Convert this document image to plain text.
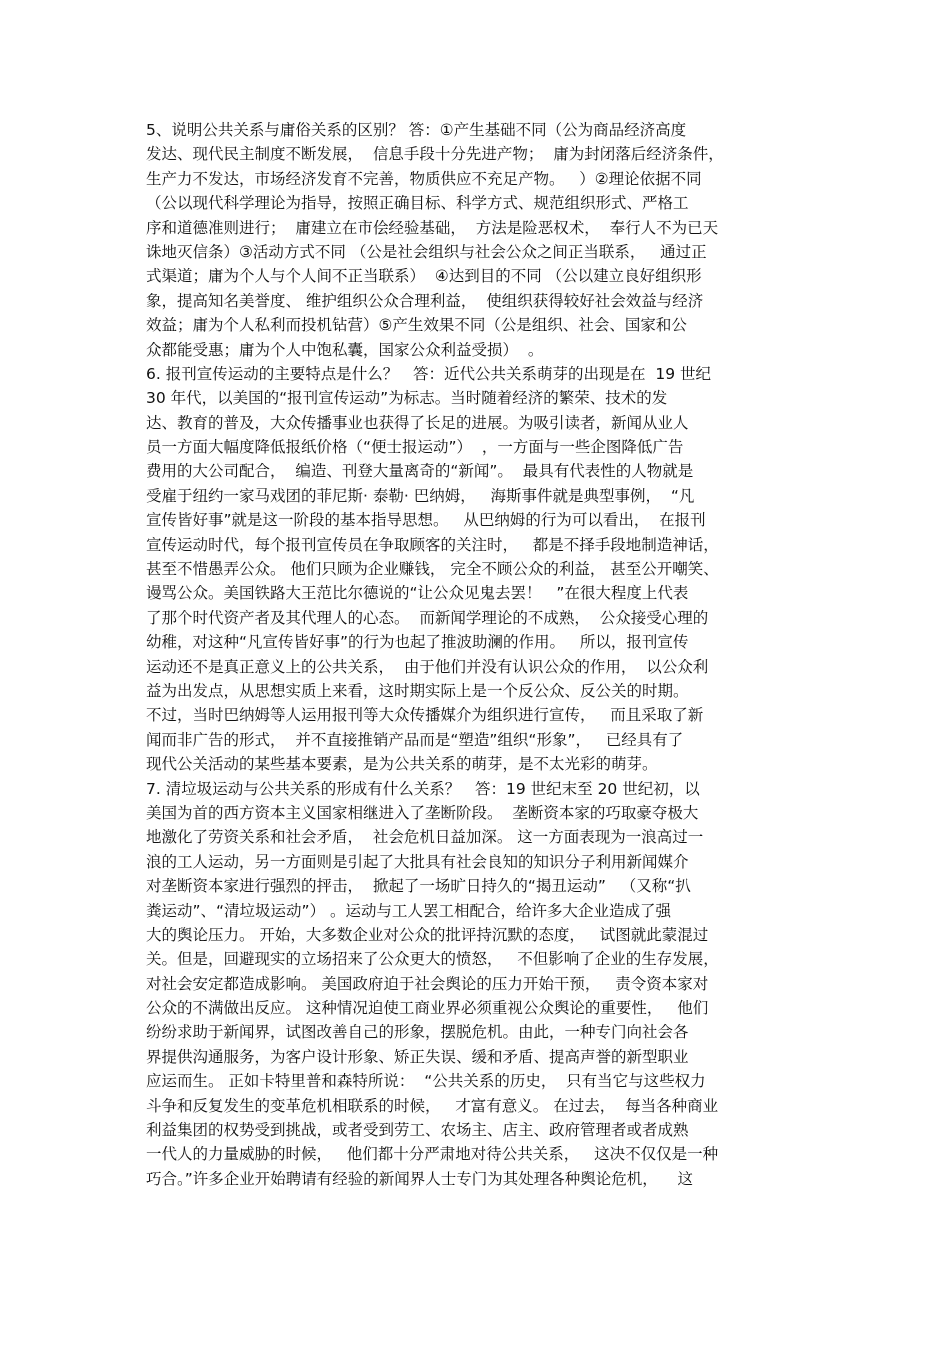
5、说明公共关系与庸俗关系的区别？ 答：①产生基础不同（公为商品经济高度
发达、现代民主制度不断发展，  信息手段十分先进产物；  庸为封闭落后经济条件，
生产力不发达，市场经济发育不完善，物质供应不充足产物。   ）②理论依据不同
（公以现代科学理论为指导，按照正确目标、科学方式、规范组织形式、严格工
序和道德准则进行；  庸建立在市侩经验基础，  方法是险恶权术，  奉行人不为已天
诛地灭信条）③活动方式不同 （公是社会组织与社会公众之间正当联系，   通过正
式渠道；庸为个人与个人间不正当联系）  ④达到目的不同 （公以建立良好组织形
象，提高知名美誉度、 维护组织公众合理利益，  使组织获得较好社会效益与经济
效益；庸为个人私利而投机钻营）⑤产生效果不同（公是组织、社会、国家和公
众都能受惠；庸为个人中饱私囊，国家公众利益受损）  。
6. 报刊宣传运动的主要特点是什么？   答：近代公共关系萌芽的出现是在  19 世纪
30 年代，以美国的“报刊宣传运动”为标志。当时随着经济的繁荣、技术的发
达、教育的普及，大众传播事业也获得了长足的进展。为吸引读者，新闻从业人
员一方面大幅度降低报纸价格（“便士报运动”）  ，一方面与一些企图降低广告
费用的大公司配合，  编造、刊登大量离奇的“新闻”。  最具有代表性的人物就是
受雇于纽约一家马戏团的菲尼斯· 泰勒· 巴纳姆，   海斯事件就是典型事例，  “凡
宣传皆好事”就是这一阶段的基本指导思想。   从巴纳姆的行为可以看出，  在报刊
宣传运动时代，每个报刊宣传员在争取顾客的关注时，   都是不择手段地制造神话，
甚至不惜愚弄公众。 他们只顾为企业赚钱， 完全不顾公众的利益， 甚至公开嘲笑、
谩骂公众。美国铁路大王范比尔德说的“让公众见鬼去罢！   ”在很大程度上代表
了那个时代资产者及其代理人的心态。  而新闻学理论的不成熟，  公众接受心理的
幼稚，对这种“凡宣传皆好事”的行为也起了推波助澜的作用。   所以，报刊宣传
运动还不是真正意义上的公共关系，  由于他们并没有认识公众的作用，  以公众利
益为出发点，从思想实质上来看，这时期实际上是一个反公众、反公关的时期。
不过，当时巴纳姆等人运用报刊等大众传播媒介为组织进行宣传，   而且采取了新
闻而非广告的形式，  并不直接推销产品而是“塑造”组织“形象”，   已经具有了
现代公关活动的某些基本要素，是为公共关系的萌芽，是不太光彩的萌芽。
7. 清垃圾运动与公共关系的形成有什么关系？   答：19 世纪末至 20 世纪初，以
美国为首的西方资本主义国家相继进入了垄断阶段。  垄断资本家的巧取豪夺极大
地激化了劳资关系和社会矛盾，  社会危机日益加深。 这一方面表现为一浪高过一
浪的工人运动，另一方面则是引起了大批具有社会良知的知识分子利用新闻媒介
对垄断资本家进行强烈的抨击，  掀起了一场旷日持久的“揭丑运动”   （又称“扒
粪运动”、“清垃圾运动”） 。运动与工人罢工相配合，给许多大企业造成了强
大的舆论压力。 开始，大多数企业对公众的批评持沉默的态度，   试图就此蒙混过
关。但是，回避现实的立场招来了公众更大的愤怒，   不但影响了企业的生存发展，
对社会安定都造成影响。 美国政府迫于社会舆论的压力开始干预，   责令资本家对
公众的不满做出反应。 这种情况迫使工商业界必须重视公众舆论的重要性，   他们
纷纷求助于新闻界，试图改善自己的形象，摆脱危机。由此，一种专门向社会各
界提供沟通服务，为客户设计形象、矫正失误、缓和矛盾、提高声誉的新型职业
应运而生。 正如卡特里普和森特所说：  “公共关系的历史，  只有当它与这些权力
斗争和反复发生的变革危机相联系的时候，   才富有意义。 在过去，  每当各种商业
利益集团的权势受到挑战，或者受到劳工、农场主、店主、政府管理者或者成熟
一代人的力量威胁的时候，   他们都十分严肃地对待公共关系，   这决不仅仅是一种
巧合。”许多企业开始聘请有经验的新闻界人士专门为其处理各种舆论危机，    这
